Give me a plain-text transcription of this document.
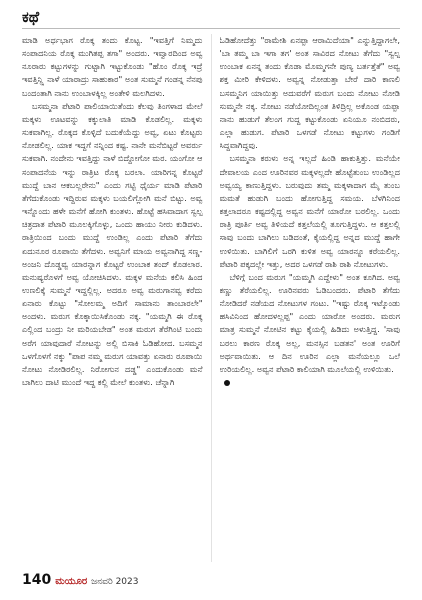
ಕಥೆ

ಮಾಡಿ ಅರ್ಧಭಾಗ ರೊಕ್ಕ ತಂದು ಕೊಟ್ಟ. "ಇವತ್ತಿಗೆ ನಿಮ್ಮದು ಸಂಪಾದನಿಯ ರೊಕ್ಕ ಮುಗಿತಪ್ಪ ತಗಾ" ಅಂದರು. ಇವ್ವಾರದಿಂದ ಅವ್ವ ನೂರಾರು ಕಟ್ಟುಗಳನ್ನು ಗುಟ್ಟಾಗಿ ಇಟ್ಟುಕೊಂಡು "ಹೊಂ ರೊಕ್ಕ ಇದ್ರೆ ಇವತ್ತಿನ್ಲ್ಲಿ ನಾಳೆ ಯಾರಾದ್ರು ಸಾಹುಕಾರ" ಅಂತ ಸುಮ್ಮನೆ ಗಂಡನ್ನ ನೆನಪು ಬಂದಂತಾಗಿ ನಾನು ಉಂಬಾಳಕ್ಕಿಲ್ಲ ಅಂತೇಳಿ ಮಲಗಿದಳು.

ಬಸಮ್ಮನಾ ಪೆಟಾರಿ ಪಾಲಿಯಾಯಿತೆಂದು ಕೆಲವು ತಿಂಗಳಾದ ಮೇಲೆ ಮಕ್ಕಳು ಊಟವನ್ನು ಕಕ್ಕುಲಾತಿ ಮಾಡಿ ಕೊಡಲಿಲ್ಲ. ಮಕ್ಕಳು ಸುಕವಾಗಿಲ್ಲ. ರೊಕ್ಕದ ಕೊಳ್ಳಿದೆ ಬದುಕೆಯೆದ್ದು ಅವ್ವ, ಏಟು ಕೊಟ್ಟರು ನೋಡಲಿಲ್ಲ. ಯಾಕ ಇದ್ದಗೆ ನನ್ನಿಂದ ಕಷ್ಟ. ನಾನೇ ಮನೆಬಿಟ್ಟರೆ ಅವರ್ರು ಸುಕವಾಗಿ. ನಂದೇನು ಇವತ್ತಿದ್ದು ನಾಳೆ ಬಿದ್ದೋಗೋ ಮರ. ಯಂಗೋ ಆ ಸಂಪಾದನೆಯ ಇನ್ನು ರಾತ್ರಿಟ ರೊಕ್ಕ ಬರಲಾ. ಯಾರಿಗನ್ನ ಕೊಟ್ಟರೆ ಮುದ್ದೆ ಬಾನ ಆಕಬಲ್ಲರೇನು" ಎಂದು ಗಟ್ಟಿ ಧೈರ್ಯ ಮಾಡಿ ಪೆಟಾರಿ ತೆಗೆದುಕೊಂಡು ಇದ್ದಿರುವ ಮಕ್ಕಳು ಬಯಲಿಗ್ಲೋಗಿ ಮನೆ ಬಿಟ್ಟು. ಅವ್ವ ಇನ್ನೊಂದು ಹಳೇ ಮನೆಗೆ ಹೋಗಿ ಕುಂತಳು. ಹೊಟ್ಟೆ ಹಸಿವಾದಾಗ ಸ್ವಲ್ಪ ಚಿತ್ರದಾತ ಪೆಟಾರಿ ಮೂಲಕ್ಕಿಗೊಳ್ಳು, ಒಂದು ಹಾಯು ನೀರು ಕುಡಿದಳು. ರಾತ್ರಿಯಿಂದ ಬಂದು ಮುದ್ದೆ ಉಂಡಿಲ್ಲ ಎಂದು ಪೆಟಾರಿ ತೆಗೆದು ಏದುನೂರ ರೂಪಾಯಿ ತೆಗೆದಳು. ಅವ್ವನಿಗೆ ಮಾಯ ಅವ್ವನಾಗಿದ್ದ ಸಣ್ಣ-ಅಂಜನಿ ದೊಡ್ಡವ್ವ ಯಾರನ್ನಾಗ ಕೊಟ್ಟರೆ ಉಂಬಾಕ ತಂದ್ ಕೊಡಲಾರ. ಮನುಷ್ಯರೊಳಗೆ ಅವ್ವ ಯೋಚಿಸಿದಳು. ಮಕ್ಕಳ ಮನೆಯ ಕಲಿಸಿ ಹಿಂದ ಉಣಲಿಕ್ಕೆ ಸುಮ್ಮನೆ ಇದ್ದಲ್ಲಿಲ್ಲ. ಅದರೂ ಅವ್ವ ಮರುಗಾನವ್ವ ಕರೆದು ಏನಾರು ಕೊಟ್ಟು "ಸೋಲಮ್ಮ ಅದಿಗೆ ಸಾಮಾನು ತಾಂಬಾರಲೇ" ಅಂದಳು. ಮರುಗ ಕೊಕ್ಕಾಯಿಸಿಕೊಂಡು ನಕ್ಕ. "ಯಮ್ಮಗಿ ಈ ರೊಕ್ಕ ಎಲ್ಲಿಂದ ಬಂದ್ರು ನೀ ಮರಿಯಬೇಡ" ಅಂತ ಮರುಗ ತೆರೆಗಿಂಟಿ ಬಂದು ಅರೆಗ ಯಾವುದಾರೆ ನೋಟನ್ನು ಅಲ್ಲಿ ಬಿಸಾಕಿ ಓಡಿಹೋದ. ಬಸಮ್ಮನ ಒಳಗೊಳಗೆ ನಕ್ಕು "ಪಾಪ ನಮ್ಮ ಮರುಗ ಯಾವತ್ತು ಏನಾರು ರೂಪಾಯಿ ನೋಟು ನೋಡಿರಲಿಲ್ಲ. ನಿರೋಗುನ ದಡ್ಡ" ಎಂದುಕೊಂಡು ಮನೆ ಬಾಗಿಲು ದಾಟಿ ಮುಂದೆ ಇದ್ದ ಕಲ್ಲಿ ಮೇಲೆ ಕುಂತಳು. ಚೆನ್ನಾಗಿ

ಓಡಿಹೋದೆತ್ತು "ರಾಮೇಶಿ ಏನಪ್ಪಾ ಆರಾಮಿದೆಯಾ" ಎನ್ನುತ್ತಿದ್ದಾಗಲೇ, 'ಬಾ ತಮ್ಮ ಬಾ ಇಗಾ ತಗ' ಅಂತ ಸಾವಿರದ ನೋಟು ತೆಗೆದು "ಸ್ವಲ್ಪ ಉಂಬಾಕ ಏನನ್ನ ತಂದು ಕೊಡಾ ಮೊಮ್ಮಗನೇ ಪುಣ್ಯ ಬರ್ತತ್ತೆತೆ" ಅವ್ವ ಶಕ್ತ ಮೀರಿ ಕೇಳಿದಳು. ಅವ್ವನ್ನ ನೋಡುತ್ತಾ ಬೇರೆ ದಾರಿ ಕಾಣಲಿ ಬಸಮ್ಮನಿಗ ಯಾಯಿತ್ತು ಅದುವರೆಗೆ ಮರುಗ ಬಂದು ನೋಟು ನೋಡಿ ಸುಮ್ಮನೇ ನಕ್ಕ. ನೋಟು ನಡೆಯೋದಿಲ್ಲಂತ ತಿಳಿದ್ರಿಲ್ಲ ಅಕೊಂಡ ಯಪ್ಪಾ ನಾನು ಹುಡುಗೆ ತೆಲಂಗ ಗುದ್ದ ಕಟ್ಟುಕೊಂಡು ಏನಿಯೂ ನಂಬಿದರು, ಎಲ್ಲಾ ಹುಡುಗ. ಪೆಟಾರಿ ಒಳಗಡೆ ನೋಟು ಕಟ್ಟುಗಳು ಗಂಡಿಗೆ ಸಿದ್ದವಾಗಿದ್ದವು.

ಬಸಮ್ಮನಾ ಕರುಳು ಅನ್ನ ಇಲ್ಲದೆ ಹಿಂಡಿ ಹಾಕುತ್ತಿತ್ತು. ಮನೆಯೇ ದೇವಾಲಯ ಎಂದ ಊರಿನವರ ಮಕ್ಕಳಲ್ಲದೇ ಹೊಟ್ಟೆತುಂಬ ಉಂಡಿಲ್ಲದ ಅವ್ವಯ್ಯ ಕಾಣುತ್ತಿದ್ದಳು. ಬರುವುದು ತಮ್ಮ ಮಕ್ಕಳಾದಾಗ ಮೈ ತುಂಬ ಮಮತೆ ಹುಡುಗಿ ಬಂದು ಹೋಗುತ್ತಿದ್ದ ಸಮಯ. ಬೆಳಗಿನಿಂದ ಕತ್ತಲಾದರೂ ಕಷ್ಟದಲ್ಲಿದ್ದ ಅವ್ವನ ಮನೆಗೆ ಯಾರೋ ಬರಲಿಲ್ಲ. ಒಂದು ರಾತ್ರಿ ಪೂರ್ತಿ ಅವ್ವ ತಿಳಿಯದೆ ಕತ್ತಲೆಯಲ್ಲಿ ತೂಗುತ್ತಿದ್ದಳು. ಆ ಕತ್ತಲಲ್ಲಿ ಸಾವು ಬಂದು ಬಾಗಿಲು ಬಡಿದಂತೆ, ಕೈಯಲ್ಲಿದ್ದ ಅನ್ನದ ಮುದ್ದೆ ಹಾಗೇ ಉಳಿಯಿತು. ಬಾಗಿಲಿಗೆ ಒರಗಿ ಕುಳಿತ ಅವ್ವ ಯಾರನ್ನೂ ಕರೆಯಲಿಲ್ಲ. ಪೆಟಾರಿ ಪಕ್ಕದಲ್ಲೇ ಇತ್ತು, ಅದರ ಒಳಗಡೆ ರಾಶಿ ರಾಶಿ ನೋಟುಗಳು.

ಬೆಳಿಗ್ಗೆ ಬಂದ ಮರುಗ "ಯಮ್ಮಗಿ ಎದ್ದೇಳು" ಅಂತ ಕೂಗಿದ. ಅವ್ವ ಕಣ್ಣು ತೆರೆಯಲಿಲ್ಲ. ಊರಿನವರು ಓಡಿಬಂದರು. ಪೆಟಾರಿ ತೆಗೆದು ನೋಡಿದರೆ ನಡೆಯದ ನೋಟುಗಳ ಗಂಟು. "ಇಷ್ಟು ರೊಕ್ಕ ಇಟ್ಕೊಂಡು ಹಸಿವಿನಿಂದ ಹೋದಳಲ್ಲಪ್ಪ" ಎಂದು ಯಾರೋ ಅಂದರು. ಮರುಗ ಮಾತ್ರ ಸುಮ್ಮನೆ ನೋಟಿನ ಕಟ್ಟು ಕೈಯಲ್ಲಿ ಹಿಡಿದು ಅಳುತ್ತಿದ್ದ. 'ಸಾವು ಬರಲು ಕಾರಣ ರೊಕ್ಕ ಅಲ್ಲ, ಮನಸ್ಸಿನ ಬಡತನ' ಅಂತ ಊರಿಗೆ ಅರ್ಥವಾಯಿತು. ಆ ದಿನ ಊರಿನ ಎಲ್ಲಾ ಮನೆಯಲ್ಲೂ ಒಲೆ ಉರಿಯಲಿಲ್ಲ. ಅವ್ವನ ಪೆಟಾರಿ ಕಾಲಿಯಾಗಿ ಮೂಲೆಯಲ್ಲಿ ಉಳಿಯಿತು.

140 ಮಯೂರ ಜನವರಿ 2023
